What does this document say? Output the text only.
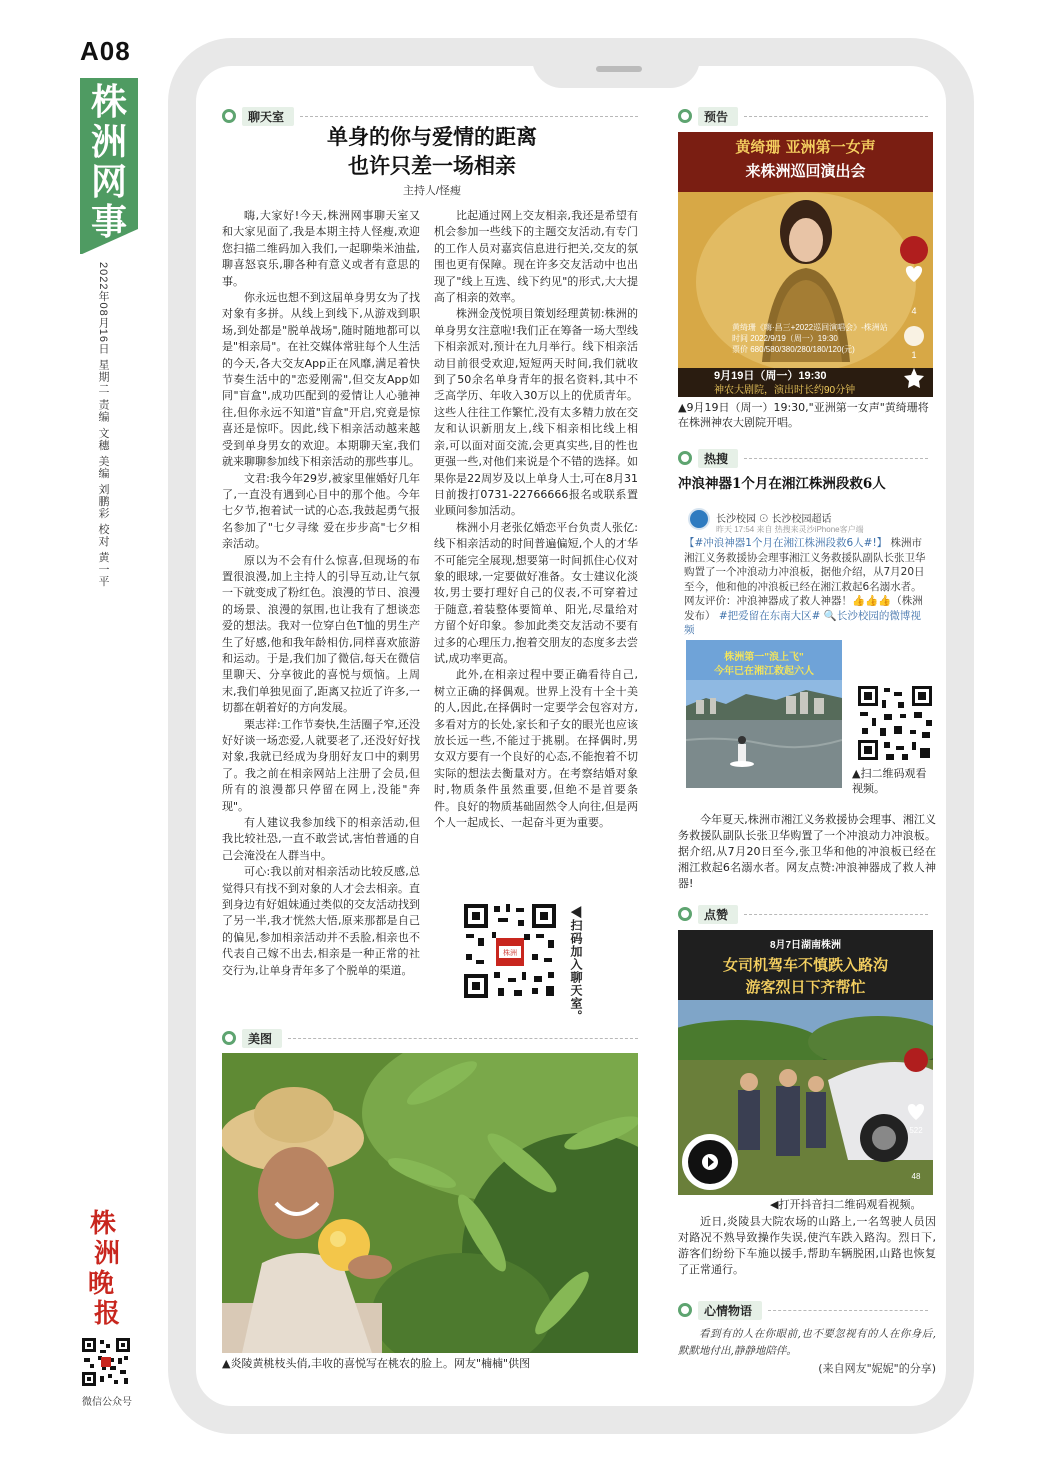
A08
株
洲
网
事
2022年08月16日 星期二 责编 文穗 美编 刘鹏彩 校对 黄一平
株
洲
晚
报
微信公众号
聊天室
单身的你与爱情的距离
也许只差一场相亲
主持人/怪瘦

嗨,大家好!今天,株洲网事聊天室又和大家见面了,我是本期主持人怪瘦,欢迎您扫描二维码加入我们,一起聊柴米油盐,聊喜怒哀乐,聊各种有意义或者有意思的事。

你永远也想不到这届单身男女为了找对象有多拼。从线上到线下,从游戏到职场,到处都是"脱单战场",随时随地都可以是"相亲局"。在社交媒体常驻每个人生活的今天,各大交友App正在风靡,满足着快节奏生活中的"恋爱刚需",但交友App如同"盲盒",成功匹配到的爱情让人心驰神往,但你永远不知道"盲盒"开启,究竟是惊喜还是惊吓。因此,线下相亲活动越来越受到单身男女的欢迎。本期聊天室,我们就来聊聊参加线下相亲活动的那些事儿。

文君:我今年29岁,被家里催婚好几年了,一直没有遇到心目中的那个他。今年七夕节,抱着试一试的心态,我鼓起勇气报名参加了"七夕寻缘 爱在步步高"七夕相亲活动。

原以为不会有什么惊喜,但现场的布置很浪漫,加上主持人的引导互动,让气氛一下就变成了粉红色。浪漫的节日、浪漫的场景、浪漫的氛围,也让我有了想谈恋爱的想法。我对一位穿白色T恤的男生产生了好感,他和我年龄相仿,同样喜欢旅游和运动。于是,我们加了微信,每天在微信里聊天、分享彼此的喜悦与烦恼。上周末,我们单独见面了,距离又拉近了许多,一切都在朝着好的方向发展。

栗志祥:工作节奏快,生活圈子窄,还没好好谈一场恋爱,人就要老了,还没好好找对象,我就已经成为身朋好友口中的剩男了。我之前在相亲网站上注册了会员,但所有的浪漫都只停留在网上,没能"奔现"。

有人建议我参加线下的相亲活动,但我比较社恐,一直不敢尝试,害怕普通的自己会淹没在人群当中。

可心:我以前对相亲活动比较反感,总觉得只有找不到对象的人才会去相亲。直到身边有好姐妹通过类似的交友活动找到了另一半,我才恍然大悟,原来那都是自己的偏见,参加相亲活动并不丢脸,相亲也不代表自己嫁不出去,相亲是一种正常的社交行为,让单身青年多了个脱单的渠道。

比起通过网上交友相亲,我还是希望有机会参加一些线下的主题交友活动,有专门的工作人员对嘉宾信息进行把关,交友的氛围也更有保障。现在许多交友活动中也出现了"线上互选、线下约见"的形式,大大提高了相亲的效率。

株洲金茂悦项目策划经理黄韧:株洲的单身男女注意啦!我们正在筹备一场大型线下相亲派对,预计在九月举行。线下相亲活动目前很受欢迎,短短两天时间,我们就收到了50余名单身青年的报名资料,其中不乏高学历、年收入30万以上的优质青年。这些人往往工作繁忙,没有太多精力放在交友和认识新朋友上,线下相亲相比线上相亲,可以面对面交流,会更真实些,目的性也更强一些,对他们来说是个不错的选择。如果你是22周岁及以上单身人士,可在8月31日前拨打0731-22766666报名或联系置业顾问参加活动。

株洲小月老张亿婚恋平台负责人张亿:线下相亲活动的时间普遍偏短,个人的才华不可能完全展现,想要第一时间抓住心仪对象的眼球,一定要做好准备。女士建议化淡妆,男士要打理好自己的仪表,不可穿着过于随意,着装整体要简单、阳光,尽量给对方留个好印象。参加此类交友活动不要有过多的心理压力,抱着交朋友的态度多去尝试,成功率更高。

此外,在相亲过程中要正确看待自己,树立正确的择偶观。世界上没有十全十美的人,因此,在择偶时一定要学会包容对方,多看对方的长处,家长和子女的眼光也应该放长远一些,不能过于挑剔。在择偶时,男女双方要有一个良好的心态,不能抱着不切实际的想法去衡量对方。在考察结婚对象时,物质条件虽然重要,但绝不是首要条件。良好的物质基础固然令人向往,但是两个人一起成长、一起奋斗更为重要。

株洲	◀扫码加入聊天室。
美图
▲炎陵黄桃枝头俏,丰收的喜悦写在桃农的脸上。网友"楠楠"供图
预告
黄绮珊 亚洲第一女声
来株洲巡回演出会
黄绮珊《嗨·昌三+2022巡回演唱会》-株洲站
时间 2022/9/19（周一）19:30
票价 680/580/380/280/180/120(元)
9月19日（周一）19:30
神农大剧院，演出时长约90分钟
4
1
▲9月19日（周一）19:30,"亚洲第一女声"黄绮珊将在株洲神农大剧院开唱。
热搜
冲浪神器1个月在湘江株洲段救6人
长沙校园 ⊙ 长沙校园超话
昨天 17:54 来自 热搜来灵沙iPhone客户端
【#冲浪神器1个月在湘江株洲段救6人#!】 株洲市湘江义务救援协会理事湘江义务救援队副队长张卫华购置了一个冲浪动力冲浪板，据他介绍，从7月20日至今，他和他的冲浪板已经在湘江救起6名溺水者。网友评价：冲浪神器成了救人神器！👍👍👍（株洲发布） #把爱留在东南大区# 🔍长沙校园的微博视频
株洲第一"浪上飞"
今年已在湘江救起六人
▲扫二维码观看视频。

今年夏天,株洲市湘江义务救援协会理事、湘江义务救援队副队长张卫华购置了一个冲浪动力冲浪板。据介绍,从7月20日至今,张卫华和他的冲浪板已经在湘江救起6名溺水者。网友点赞:冲浪神器成了救人神器!

点赞
8月7日湖南株洲
女司机驾车不慎跌入路沟
游客烈日下齐帮忙
522
48
◀打开抖音扫二维码观看视频。

近日,炎陵县大院农场的山路上,一名驾驶人员因对路况不熟导致操作失误,使汽车跌入路沟。烈日下,游客们纷纷下车施以援手,帮助车辆脱困,山路也恢复了正常通行。

心情物语

看到有的人在你眼前,也不要忽视有的人在你身后,默默地付出,静静地陪伴。

(来自网友"妮妮"的分享)
